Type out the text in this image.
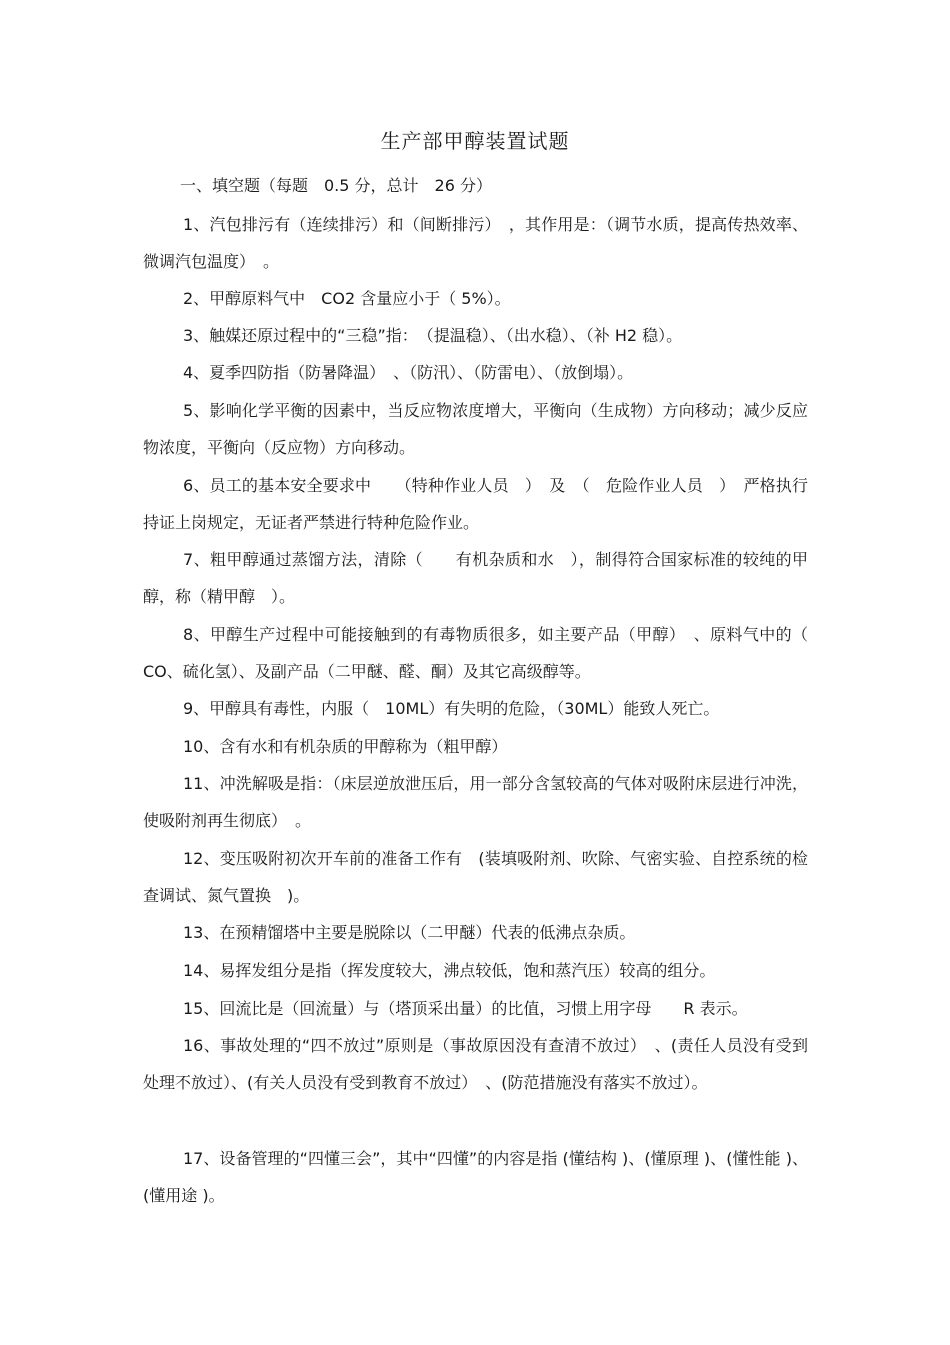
生产部甲醇装置试题
一、填空题（每题　0.5 分，总计　26 分）
1、汽包排污有（连续排污）和（间断排污）　，其作用是：（调节水质，提高传热效率、微调汽包温度）　。
2、甲醇原料气中　CO2 含量应小于（ 5%）。
3、触媒还原过程中的“三稳”指：　（提温稳）、（出水稳）、（补 H2 稳）。
4、夏季四防指（防暑降温）　、（防汛）、（防雷电）、（放倒塌）。
5、影响化学平衡的因素中，当反应物浓度增大，平衡向（生成物）方向移动；减少反应物浓度，平衡向（反应物）方向移动。
6、员工的基本安全要求中　　（特种作业人员　）　及　（　危险作业人员　）　严格执行持证上岗规定，无证者严禁进行特种危险作业。
7、粗甲醇通过蒸馏方法，清除（　　有机杂质和水　），制得符合国家标准的较纯的甲醇，称（精甲醇　）。
8、甲醇生产过程中可能接触到的有毒物质很多，如主要产品（甲醇）　、原料气中的（ CO、硫化氢）、及副产品（二甲醚、醛、酮）及其它高级醇等。
9、甲醇具有毒性，内服（　10ML）有失明的危险，（30ML）能致人死亡。
10、含有水和有机杂质的甲醇称为（粗甲醇）
11、冲洗解吸是指：（床层逆放泄压后，用一部分含氢较高的气体对吸附床层进行冲洗，使吸附剂再生彻底）　。
12、变压吸附初次开车前的准备工作有　(装填吸附剂、吹除、气密实验、自控系统的检查调试、氮气置换　)。
13、在预精馏塔中主要是脱除以（二甲醚）代表的低沸点杂质。
14、易挥发组分是指（挥发度较大，沸点较低，饱和蒸汽压）较高的组分。
15、回流比是（回流量）与（塔顶采出量）的比值，习惯上用字母　　R 表示。
16、事故处理的“四不放过”原则是（事故原因没有查清不放过）　、(责任人员没有受到处理不放过）、(有关人员没有受到教育不放过）　、(防范措施没有落实不放过）。
17、设备管理的“四懂三会”，其中“四懂”的内容是指 (懂结构 )、(懂原理 )、(懂性能 )、(懂用途 )。
